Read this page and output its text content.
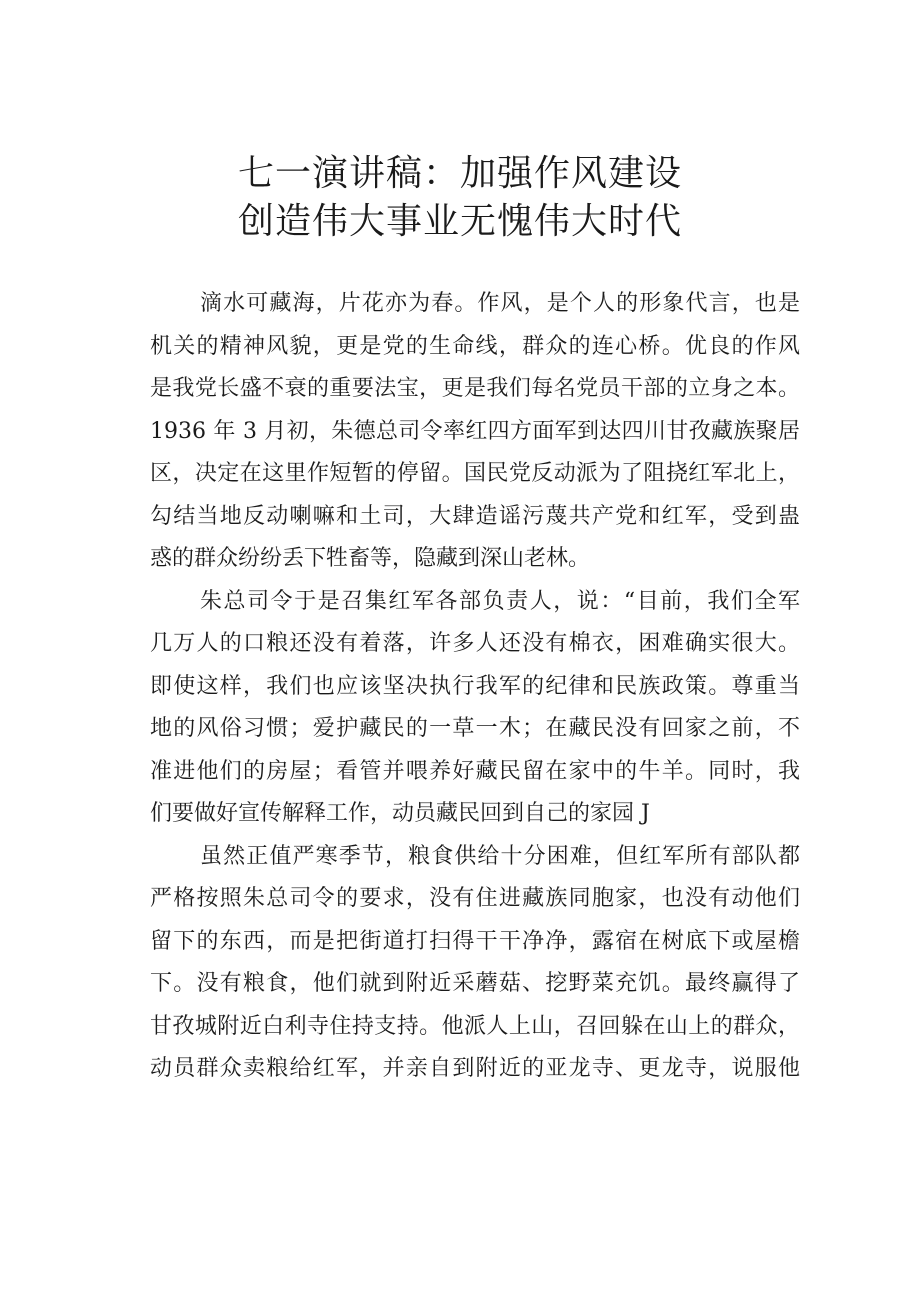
七一演讲稿：加强作风建设
创造伟大事业无愧伟大时代
滴水可藏海，片花亦为春。作风，是个人的形象代言，也是
机关的精神风貌，更是党的生命线，群众的连心桥。优良的作风
是我党长盛不衰的重要法宝，更是我们每名党员干部的立身之本。
1936 年 3 月初，朱德总司令率红四方面军到达四川甘孜藏族聚居
区，决定在这里作短暂的停留。国民党反动派为了阻挠红军北上，
勾结当地反动喇嘛和土司，大肆造谣污蔑共产党和红军，受到蛊
惑的群众纷纷丢下牲畜等，隐藏到深山老林。
朱总司令于是召集红军各部负责人，说：“目前，我们全军
几万人的口粮还没有着落，许多人还没有棉衣，困难确实很大。
即使这样，我们也应该坚决执行我军的纪律和民族政策。尊重当
地的风俗习惯；爱护藏民的一草一木；在藏民没有回家之前，不
准进他们的房屋；看管并喂养好藏民留在家中的牛羊。同时，我
们要做好宣传解释工作，动员藏民回到自己的家园 J
虽然正值严寒季节，粮食供给十分困难，但红军所有部队都
严格按照朱总司令的要求，没有住进藏族同胞家，也没有动他们
留下的东西，而是把街道打扫得干干净净，露宿在树底下或屋檐
下。没有粮食，他们就到附近采蘑菇、挖野菜充饥。最终赢得了
甘孜城附近白利寺住持支持。他派人上山，召回躲在山上的群众，
动员群众卖粮给红军，并亲自到附近的亚龙寺、更龙寺，说服他
